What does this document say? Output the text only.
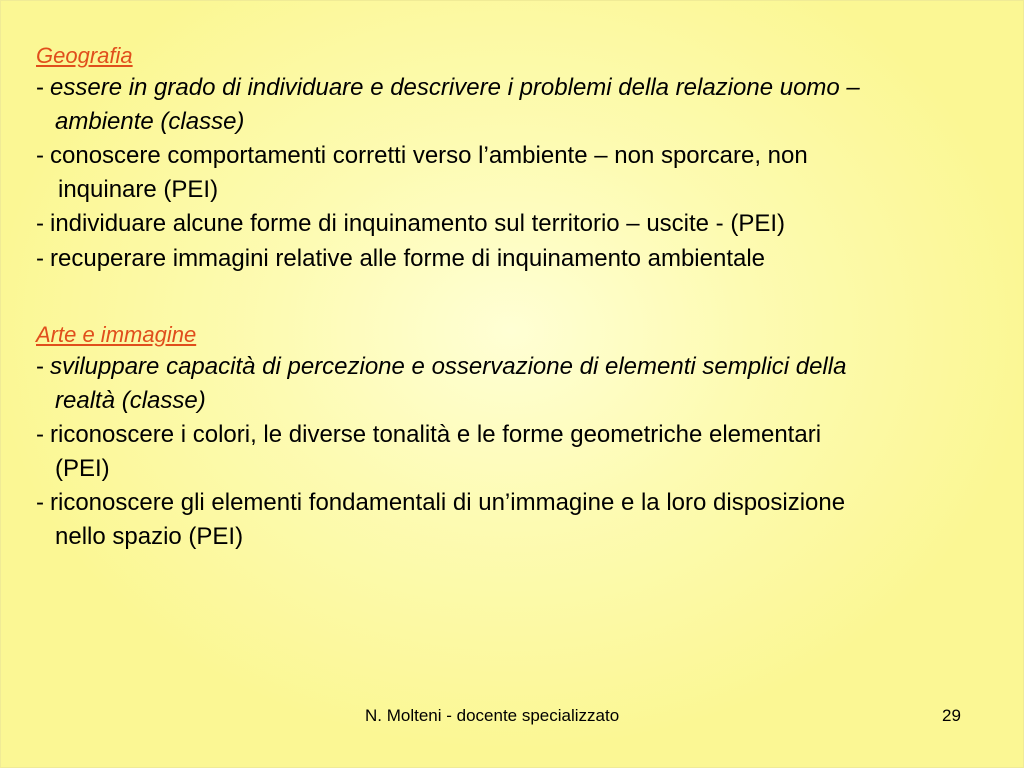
Geografia
- essere in grado di individuare e descrivere i problemi della relazione uomo –
ambiente (classe)
- conoscere comportamenti corretti verso l’ambiente – non sporcare, non
inquinare (PEI)
- individuare alcune forme di inquinamento sul territorio – uscite - (PEI)
- recuperare immagini relative alle forme di inquinamento ambientale
Arte e immagine
- sviluppare capacità di percezione e osservazione di elementi semplici della
realtà (classe)
- riconoscere i colori, le diverse tonalità e le forme geometriche elementari
(PEI)
- riconoscere gli elementi fondamentali di un’immagine e la loro disposizione
nello spazio (PEI)
N. Molteni - docente specializzato	29
